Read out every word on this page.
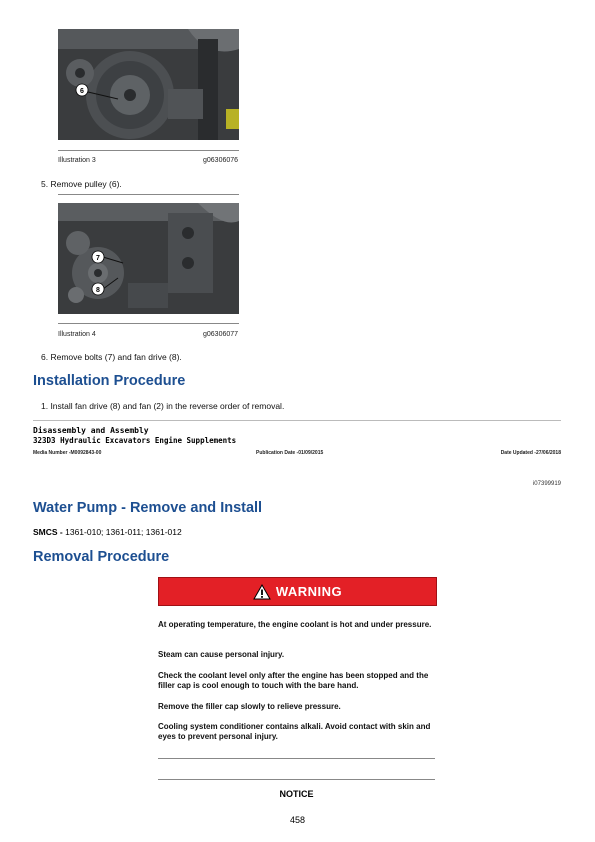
6
Illustration 3	g06306076
5. Remove pulley (6).
7
8
Illustration 4	g06306077
6. Remove bolts (7) and fan drive (8).
Installation Procedure
1. Install fan drive (8) and fan (2) in the reverse order of removal.
Disassembly and Assembly
323D3 Hydraulic Excavators Engine Supplements
Media Number -M0092843-00	Publication Date -01/09/2015	Date Updated -27/06/2018
i07399919
Water Pump - Remove and Install
SMCS - 1361-010; 1361-011; 1361-012
Removal Procedure
WARNING
At operating temperature, the engine coolant is hot and under pressure.
Steam can cause personal injury.
Check the coolant level only after the engine has been stopped and the filler cap is cool enough to touch with the bare hand.
Remove the filler cap slowly to relieve pressure.
Cooling system conditioner contains alkali. Avoid contact with skin and eyes to prevent personal injury.
NOTICE
458
